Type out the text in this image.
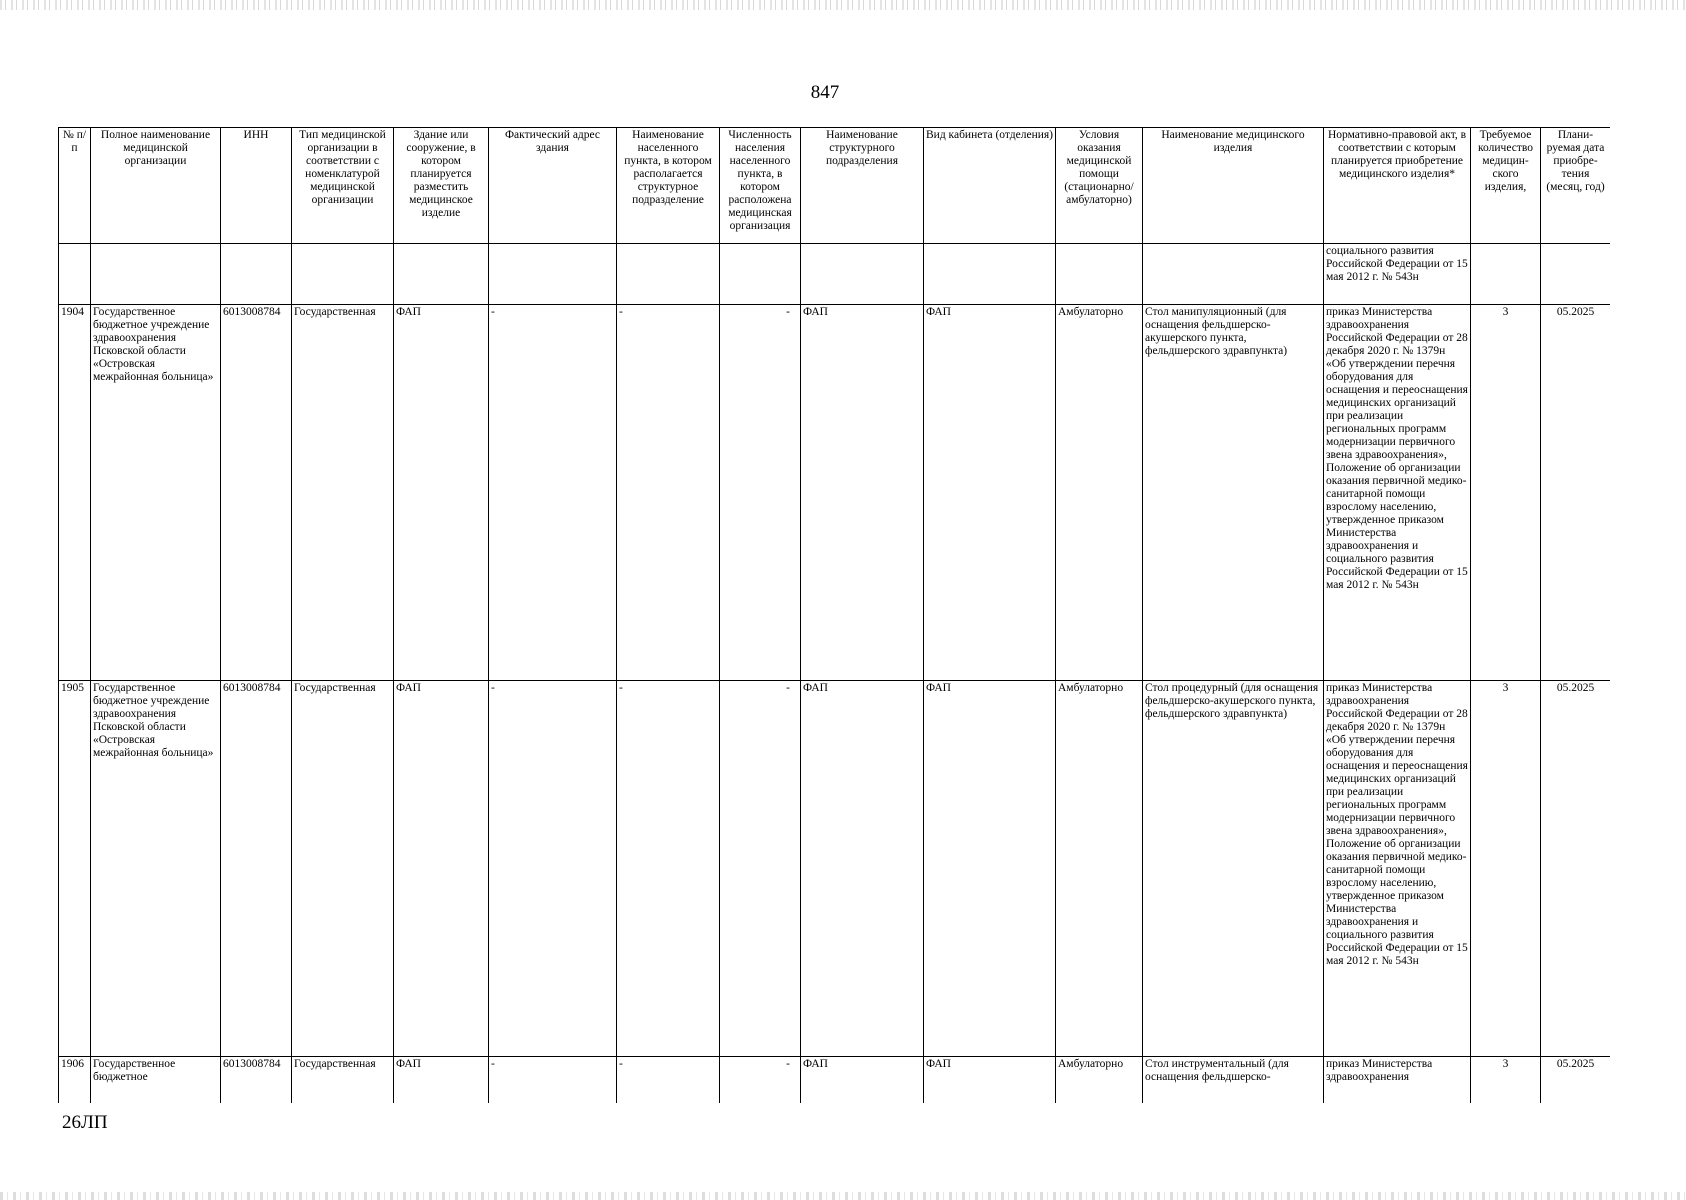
847
№ п/п	Полное наименование медицинской организации	ИНН	Тип медицинской организации в соответствии с номенклатурой медицинской организации	Здание или сооружение, в котором планируется разместить медицинское изделие	Фактический адрес здания	Наименование населенного пункта, в котором располагается структурное подразделение	Численность населения населенного пункта, в котором расположена медицинская организация	Наименование структурного подразделения	Вид кабинета (отделения)	Условия оказания медицинской помощи (стационарно/ амбулаторно)	Наименование медицинского изделия	Нормативно-правовой акт, в соответствии с которым планируется приобретение медицинского изделия*	Требуемое количество медицин-ского изделия,	Плани-руемая дата приобре-тения (месяц, год)
												социального развития Российской Федерации от 15 мая 2012 г. № 543н		
1904	Государственное бюджетное учреждение здравоохранения Псковской области «Островская межрайонная больница»	6013008784	Государственная	ФАП	-	-	-	ФАП	ФАП	Амбулаторно	Стол манипуляционный (для оснащения фельдшерско-акушерского пункта, фельдшерского здравпункта)	приказ Министерства здравоохранения Российской Федерации от 28 декабря 2020 г. № 1379н «Об утверждении перечня оборудования для оснащения и переоснащения медицинских организаций при реализации региональных программ модернизации первичного звена здравоохранения», Положение об организации оказания первичной медико-санитарной помощи взрослому населению, утвержденное приказом Министерства здравоохранения и социального развития Российской Федерации от 15 мая 2012 г. № 543н	3	05.2025
1905	Государственное бюджетное учреждение здравоохранения Псковской области «Островская межрайонная больница»	6013008784	Государственная	ФАП	-	-	-	ФАП	ФАП	Амбулаторно	Стол процедурный (для оснащения фельдшерско-акушерского пункта, фельдшерского здравпункта)	приказ Министерства здравоохранения Российской Федерации от 28 декабря 2020 г. № 1379н «Об утверждении перечня оборудования для оснащения и переоснащения медицинских организаций при реализации региональных программ модернизации первичного звена здравоохранения», Положение об организации оказания первичной медико-санитарной помощи взрослому населению, утвержденное приказом Министерства здравоохранения и социального развития Российской Федерации от 15 мая 2012 г. № 543н	3	05.2025
1906	Государственное бюджетное	6013008784	Государственная	ФАП	-	-	-	ФАП	ФАП	Амбулаторно	Стол инструментальный (для оснащения фельдшерско-	приказ Министерства здравоохранения	3	05.2025
26ЛП
